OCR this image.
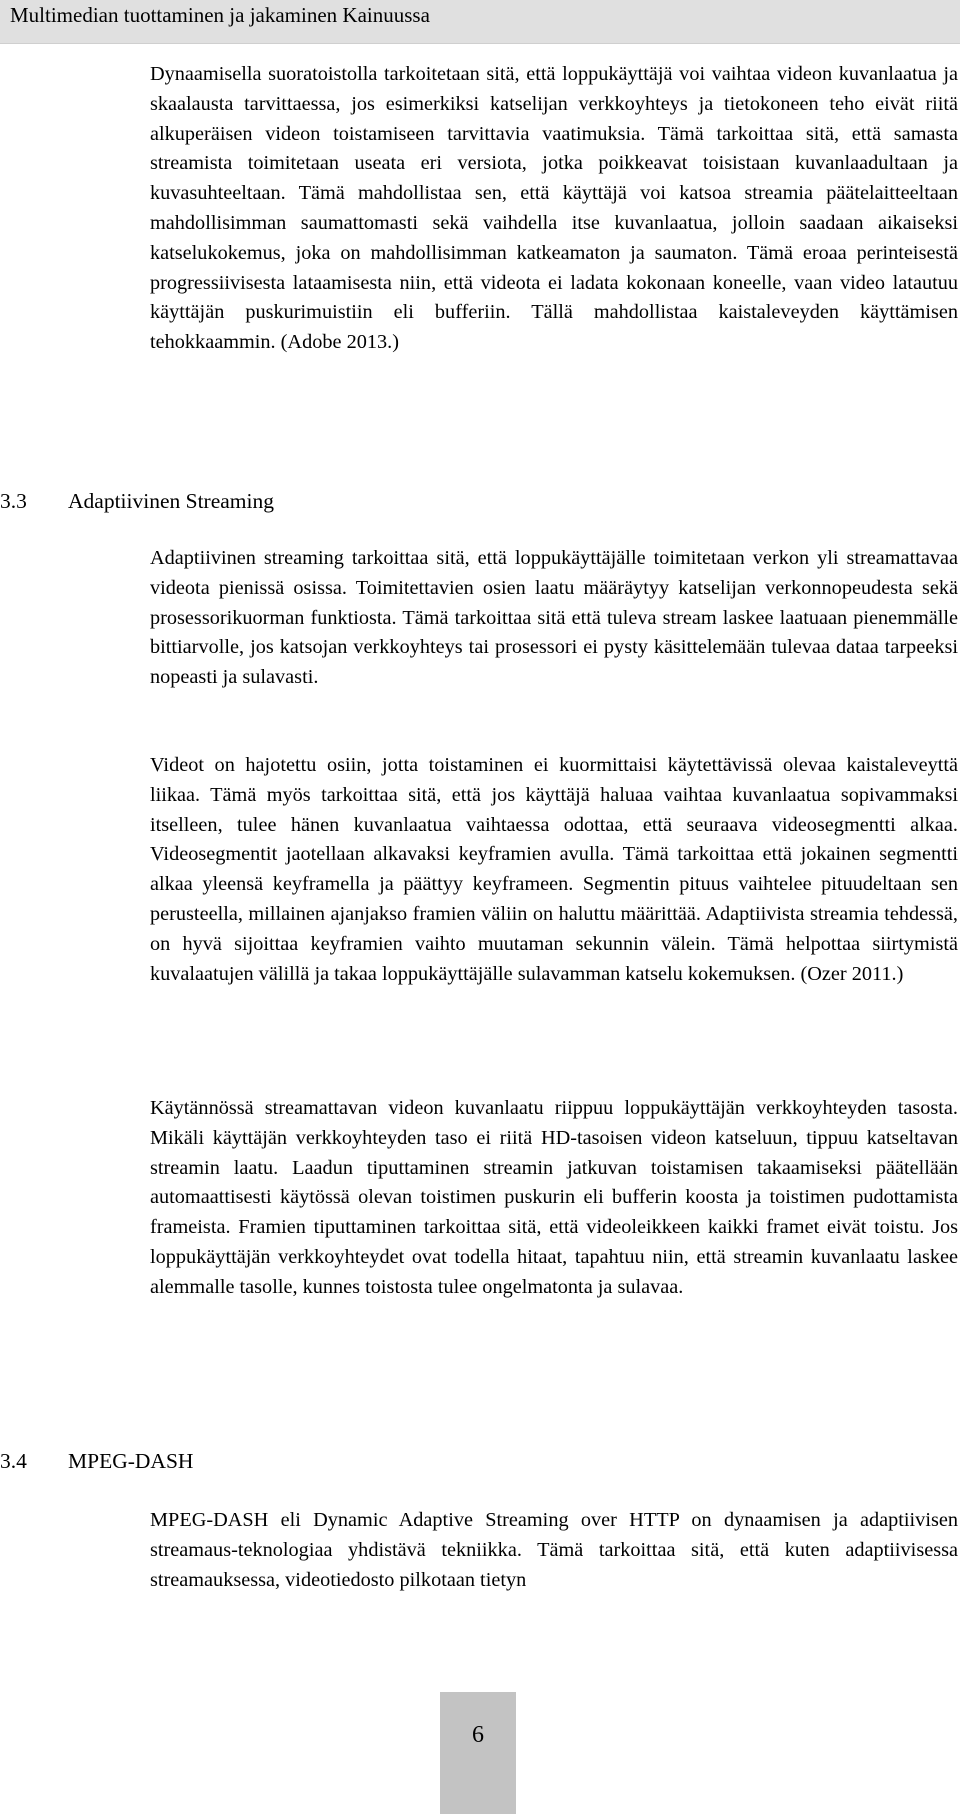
Multimedian tuottaminen ja jakaminen Kainuussa
Dynaamisella suoratoistolla tarkoitetaan sitä, että loppukäyttäjä voi vaihtaa videon kuvanlaatua ja skaalausta tarvittaessa, jos esimerkiksi katselijan verkkoyhteys ja tietokoneen teho eivät riitä alkuperäisen videon toistamiseen tarvittavia vaatimuksia. Tämä tarkoittaa sitä, että samasta streamista toimitetaan useata eri versiota, jotka poikkeavat toisistaan kuvanlaadultaan ja kuvasuhteeltaan. Tämä mahdollistaa sen, että käyttäjä voi katsoa streamia päätelaitteeltaan mahdollisimman saumattomasti sekä vaihdella itse kuvanlaatua, jolloin saadaan aikaiseksi katselukokemus, joka on mahdollisimman katkeamaton ja saumaton. Tämä eroaa perinteisestä progressiivisesta lataamisesta niin, että videota ei ladata kokonaan koneelle, vaan video latautuu käyttäjän puskurimuistiin eli bufferiin. Tällä mahdollistaa kaistaleveyden käyttämisen tehokkaammin. (Adobe 2013.)
3.3 Adaptiivinen Streaming
Adaptiivinen streaming tarkoittaa sitä, että loppukäyttäjälle toimitetaan verkon yli streamattavaa videota pienissä osissa. Toimitettavien osien laatu määräytyy katselijan verkonnopeudesta sekä prosessorikuorman funktiosta. Tämä tarkoittaa sitä että tuleva stream laskee laatuaan pienemmälle bittiarvolle, jos katsojan verkkoyhteys tai prosessori ei pysty käsittelemään tulevaa dataa tarpeeksi nopeasti ja sulavasti.
Videot on hajotettu osiin, jotta toistaminen ei kuormittaisi käytettävissä olevaa kaistaleveyttä liikaa. Tämä myös tarkoittaa sitä, että jos käyttäjä haluaa vaihtaa kuvanlaatua sopivammaksi itselleen, tulee hänen kuvanlaatua vaihtaessa odottaa, että seuraava videosegmentti alkaa. Videosegmentit jaotellaan alkavaksi keyframien avulla. Tämä tarkoittaa että jokainen segmentti alkaa yleensä keyframella ja päättyy keyframeen. Segmentin pituus vaihtelee pituudeltaan sen perusteella, millainen ajanjakso framien väliin on haluttu määrittää. Adaptiivista streamia tehdessä, on hyvä sijoittaa keyframien vaihto muutaman sekunnin välein. Tämä helpottaa siirtymistä kuvalaatujen välillä ja takaa loppukäyttäjälle sulavamman katselu kokemuksen. (Ozer 2011.)
Käytännössä streamattavan videon kuvanlaatu riippuu loppukäyttäjän verkkoyhteyden tasosta. Mikäli käyttäjän verkkoyhteyden taso ei riitä HD-tasoisen videon katseluun, tippuu katseltavan streamin laatu. Laadun tiputtaminen streamin jatkuvan toistamisen takaamiseksi päätellään automaattisesti käytössä olevan toistimen puskurin eli bufferin koosta ja toistimen pudottamista frameista. Framien tiputtaminen tarkoittaa sitä, että videoleikkeen kaikki framet eivät toistu. Jos loppukäyttäjän verkkoyhteydet ovat todella hitaat, tapahtuu niin, että streamin kuvanlaatu laskee alemmalle tasolle, kunnes toistosta tulee ongelmatonta ja sulavaa.
3.4 MPEG-DASH
MPEG-DASH eli Dynamic Adaptive Streaming over HTTP on dynaamisen ja adaptiivisen streamaus-teknologiaa yhdistävä tekniikka. Tämä tarkoittaa sitä, että kuten adaptiivisessa streamauksessa, videotiedosto pilkotaan tietyn
6
